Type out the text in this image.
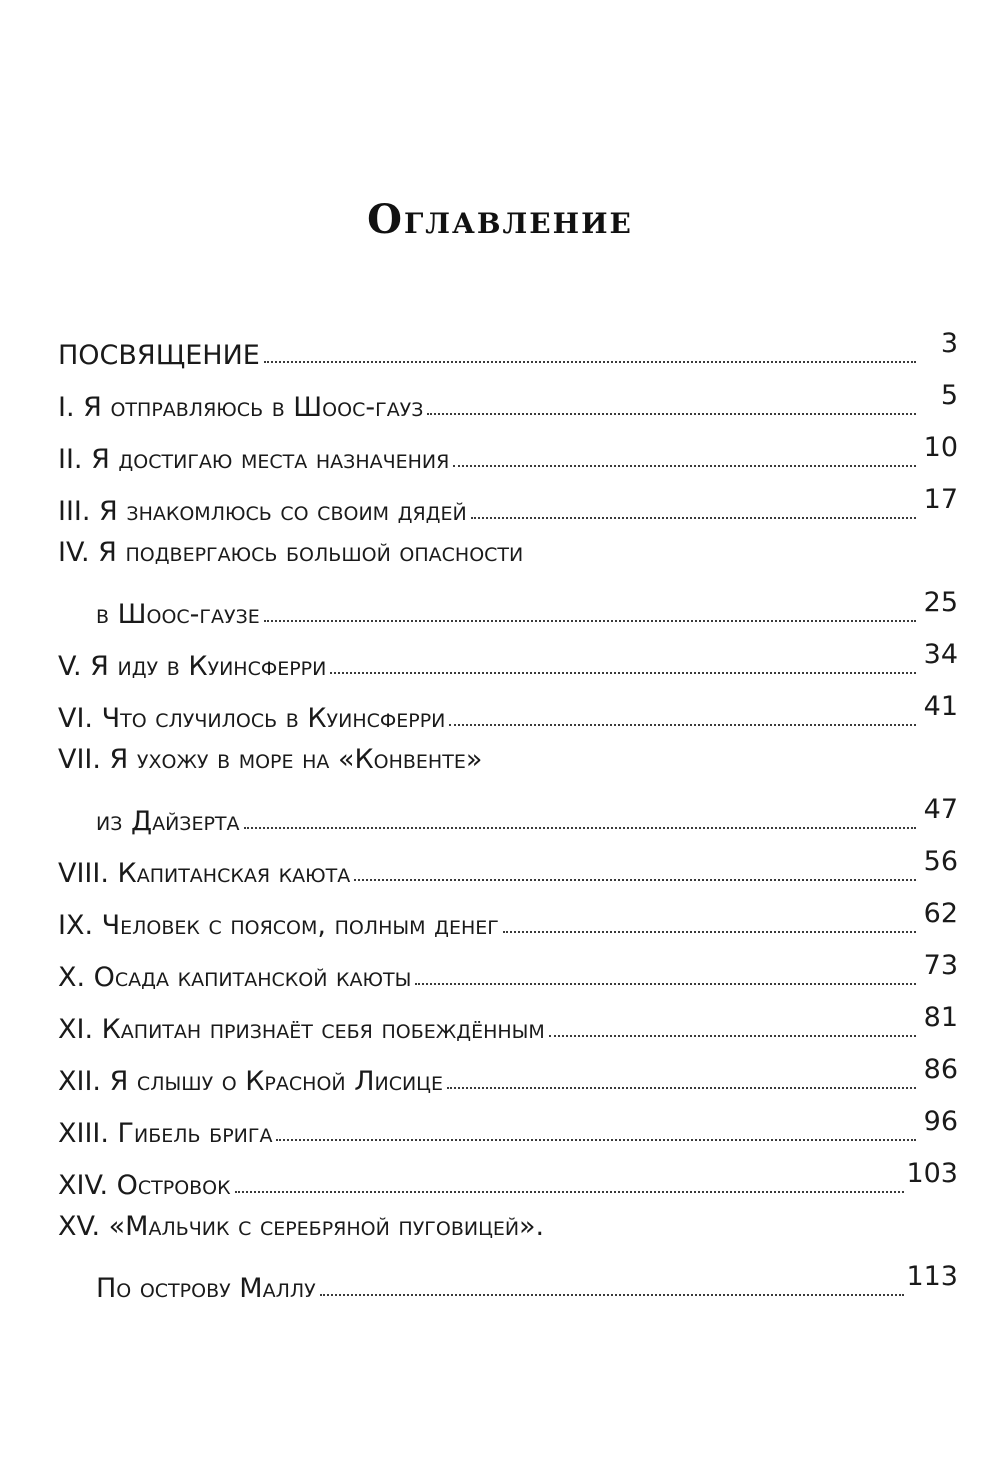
Оглавление
ПОСВЯЩЕНИЕ	3
I. Я отправляюсь в Шоос-гауз	5
II. Я достигаю места назначения	10
III. Я знакомлюсь со своим дядей	17
IV. Я подвергаюсь большой опасности
в Шоос-гаузе	25
V. Я иду в Куинсферри	34
VI. Что случилось в Куинсферри	41
VII. Я ухожу в море на «Конвенте»
из Дайзерта	47
VIII. Капитанская каюта	56
IX. Человек с поясом, полным денег	62
X. Осада капитанской каюты	73
XI. Капитан признаёт себя побеждённым	81
XII. Я слышу о Красной Лисице	86
XIII. Гибель брига	96
XIV. Островок	103
XV. «Мальчик с серебряной пуговицей».
По острову Маллу	113
